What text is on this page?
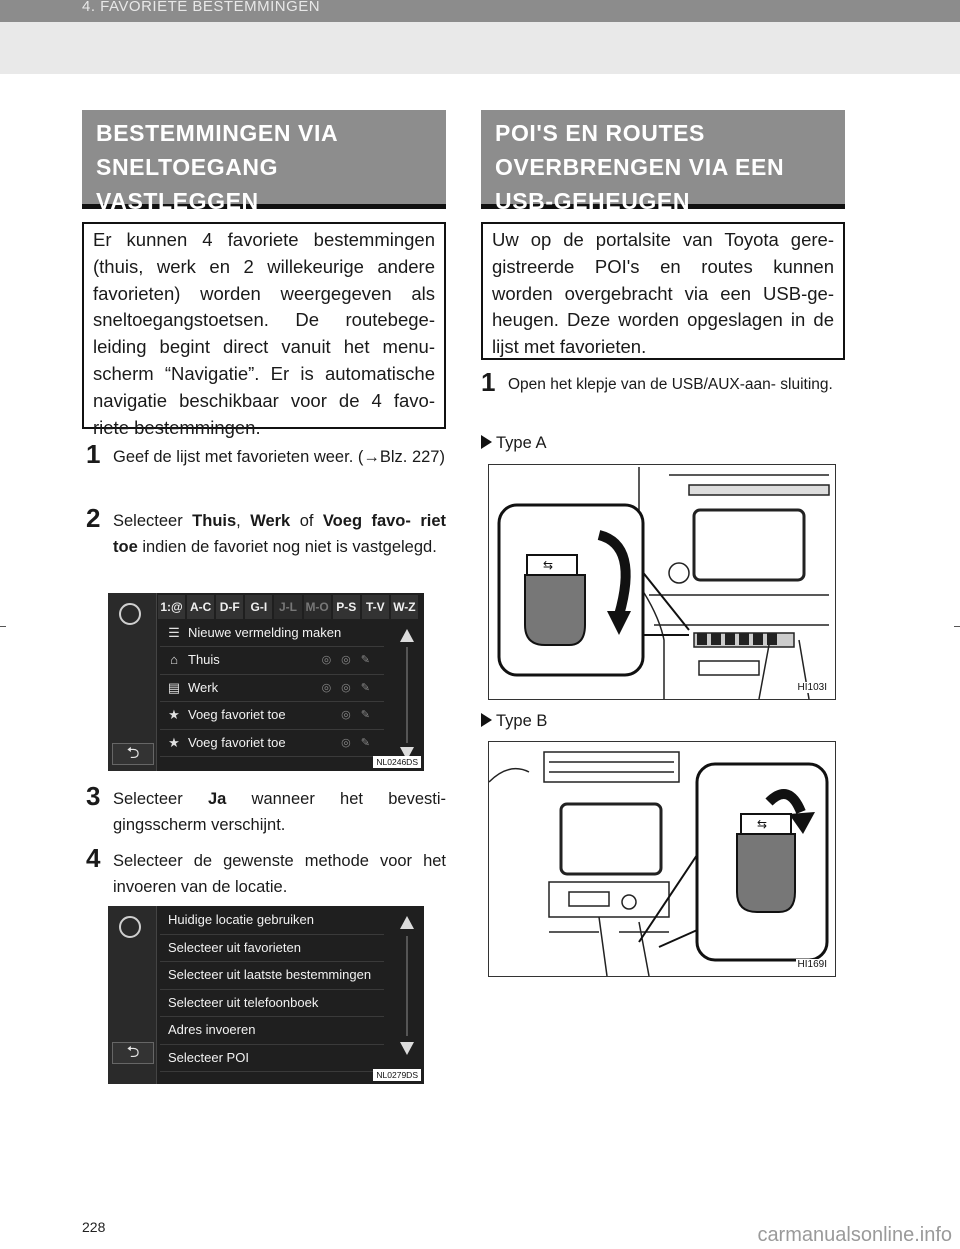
4. FAVORIETE BESTEMMINGEN
BESTEMMINGEN VIA
SNELTOEGANG
VASTLEGGEN
Er kunnen 4 favoriete bestemmingen (thuis, werk en 2 willekeurige andere favorieten) worden weergegeven als sneltoegangstoetsen. De routebege- leiding begint direct vanuit het menu- scherm “Navigatie”. Er is automatische navigatie beschikbaar voor de 4 favo- riete bestemmingen.
1 Geef de lijst met favorieten weer. (→Blz. 227)
2 Selecteer Thuis, Werk of Voeg favo- riet toe indien de favoriet nog niet is vastgelegd.
⮌
1:@ A-C D-F G-I J-L M-O P-S T-V W-Z
☰ Nieuwe vermelding maken
⌂ Thuis	◎◎✎
▤ Werk	◎◎✎
★ Voeg favoriet toe	◎✎
★ Voeg favoriet toe	◎✎
NL0246DS
3 Selecteer Ja wanneer het bevesti- gingsscherm verschijnt.
4 Selecteer de gewenste methode voor het invoeren van de locatie.
⮌
Huidige locatie gebruiken
Selecteer uit favorieten
Selecteer uit laatste bestemmingen
Selecteer uit telefoonboek
Adres invoeren
Selecteer POI
NL0279DS
POI'S EN ROUTES
OVERBRENGEN VIA EEN
USB-GEHEUGEN
Uw op de portalsite van Toyota gere- gistreerde POI's en routes kunnen worden overgebracht via een USB-ge- heugen. Deze worden opgeslagen in de lijst met favorieten.
1 Open het klepje van de USB/AUX-aan- sluiting.
Type A
⇆
HI103I
Type B
⇆
HI169I
228	carmanualsonline.info
